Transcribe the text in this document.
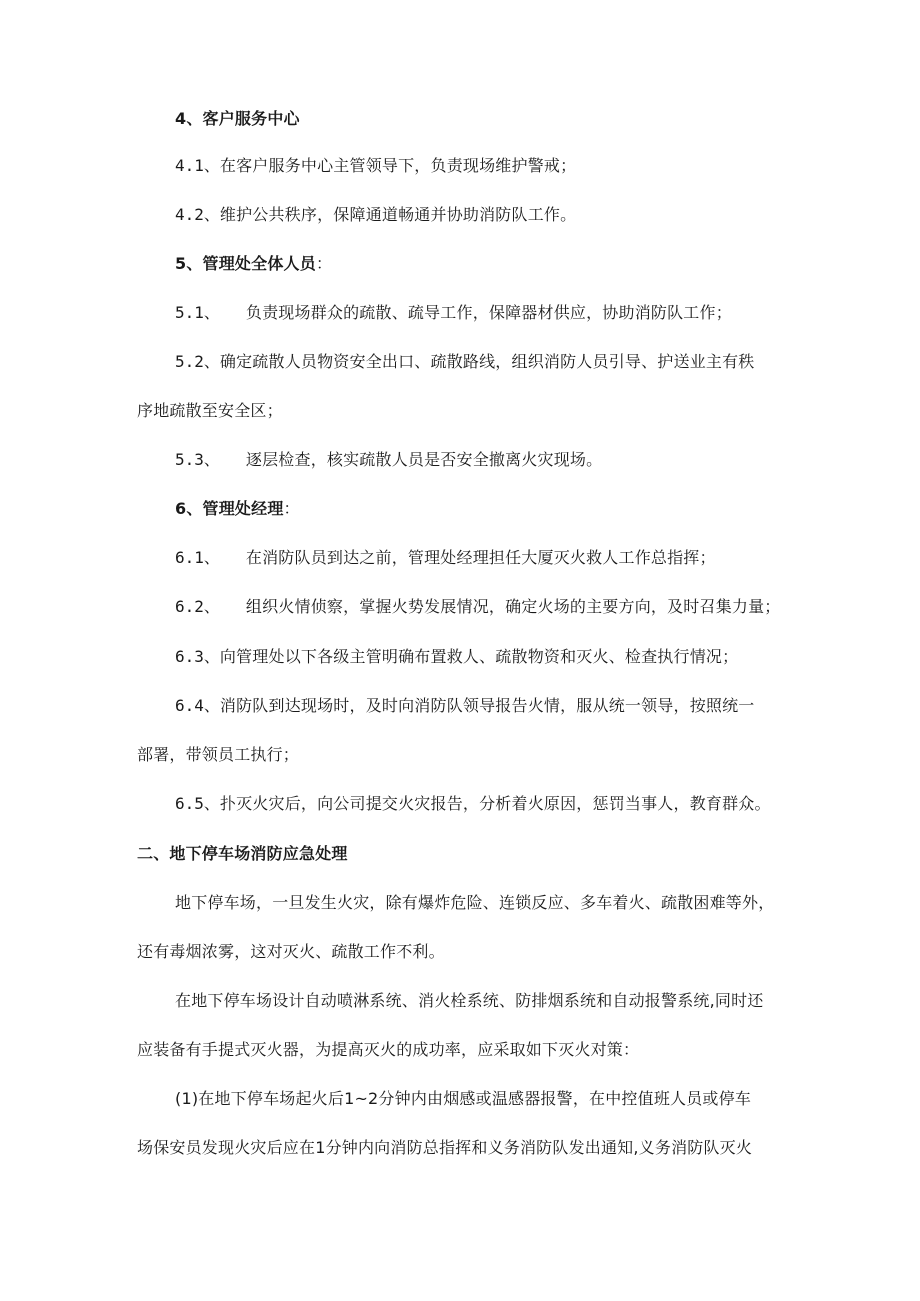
4、客户服务中心
4.1、在客户服务中心主管领导下，负责现场维护警戒；
4.2、维护公共秩序，保障通道畅通并协助消防队工作。
5、管理处全体人员：
5.1、 负责现场群众的疏散、疏导工作，保障器材供应，协助消防队工作；
5.2、确定疏散人员物资安全出口、疏散路线，组织消防人员引导、护送业主有秩
序地疏散至安全区；
5.3、 逐层检查，核实疏散人员是否安全撤离火灾现场。
6、管理处经理：
6.1、 在消防队员到达之前，管理处经理担任大厦灭火救人工作总指挥；
6.2、 组织火情侦察，掌握火势发展情况，确定火场的主要方向，及时召集力量；
6.3、向管理处以下各级主管明确布置救人、疏散物资和灭火、检查执行情况；
6.4、消防队到达现场时，及时向消防队领导报告火情，服从统一领导，按照统一
部署，带领员工执行；
6.5、扑灭火灾后，向公司提交火灾报告，分析着火原因，惩罚当事人，教育群众。
二、地下停车场消防应急处理
地下停车场，一旦发生火灾，除有爆炸危险、连锁反应、多车着火、疏散困难等外，
还有毒烟浓雾，这对灭火、疏散工作不利。
在地下停车场设计自动喷淋系统、消火栓系统、防排烟系统和自动报警系统,同时还
应装备有手提式灭火器，为提高灭火的成功率，应采取如下灭火对策：
(1)在地下停车场起火后1~2分钟内由烟感或温感器报警，在中控值班人员或停车
场保安员发现火灾后应在1分钟内向消防总指挥和义务消防队发出通知,义务消防队灭火
